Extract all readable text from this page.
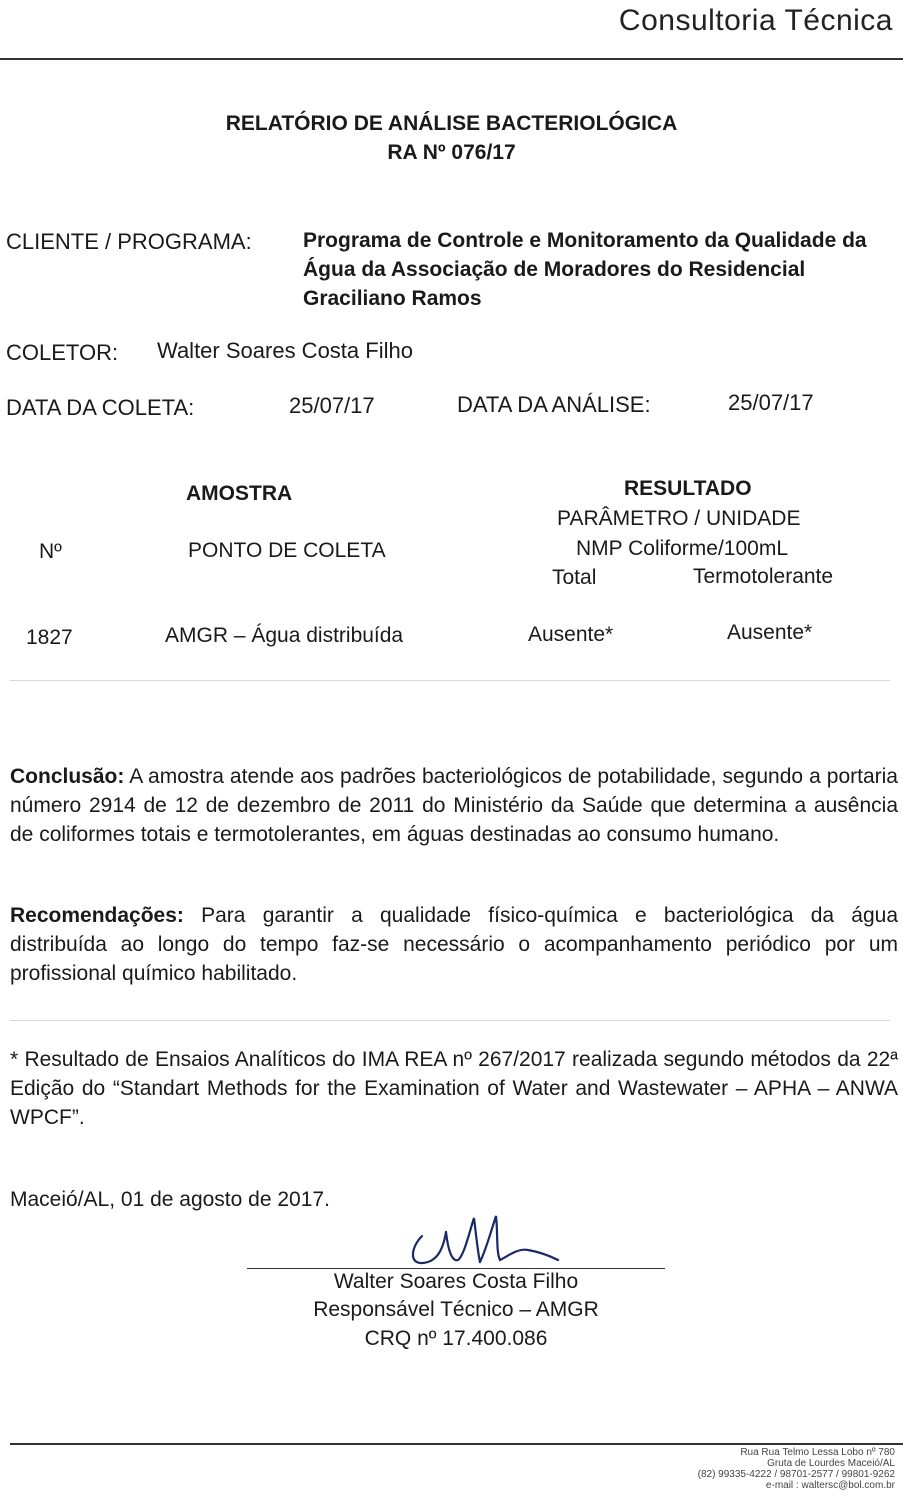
Consultoria Técnica
RELATÓRIO DE ANÁLISE BACTERIOLÓGICA
RA Nº 076/17
CLIENTE / PROGRAMA: Programa de Controle e Monitoramento da Qualidade da Água da Associação de Moradores do Residencial Graciliano Ramos
COLETOR: Walter Soares Costa Filho
DATA DA COLETA:	25/07/17	DATA DA ANÁLISE:	25/07/17
AMOSTRA	RESULTADO
PARÂMETRO / UNIDADE
NMP Coliforme/100mL
Nº	PONTO DE COLETA
Total	Termotolerante
1827	AMGR – Água distribuída	Ausente*	Ausente*
Conclusão: A amostra atende aos padrões bacteriológicos de potabilidade, segundo a portaria número 2914 de 12 de dezembro de 2011 do Ministério da Saúde que determina a ausência de coliformes totais e termotolerantes, em águas destinadas ao consumo humano.
Recomendações: Para garantir a qualidade físico-química e bacteriológica da água distribuída ao longo do tempo faz-se necessário o acompanhamento periódico por um profissional químico habilitado.
* Resultado de Ensaios Analíticos do IMA REA nº 267/2017 realizada segundo métodos da 22ª Edição do “Standart Methods for the Examination of Water and Wastewater – APHA – ANWA WPCF”.
Maceió/AL, 01 de agosto de 2017.
Walter Soares Costa Filho
Responsável Técnico – AMGR
CRQ nº 17.400.086
Rua Rua Telmo Lessa Lobo nº 780
Gruta de Lourdes Maceió/AL
(82) 99335-4222 / 98701-2577 / 99801-9262
e-mail : waltersc@bol.com.br
